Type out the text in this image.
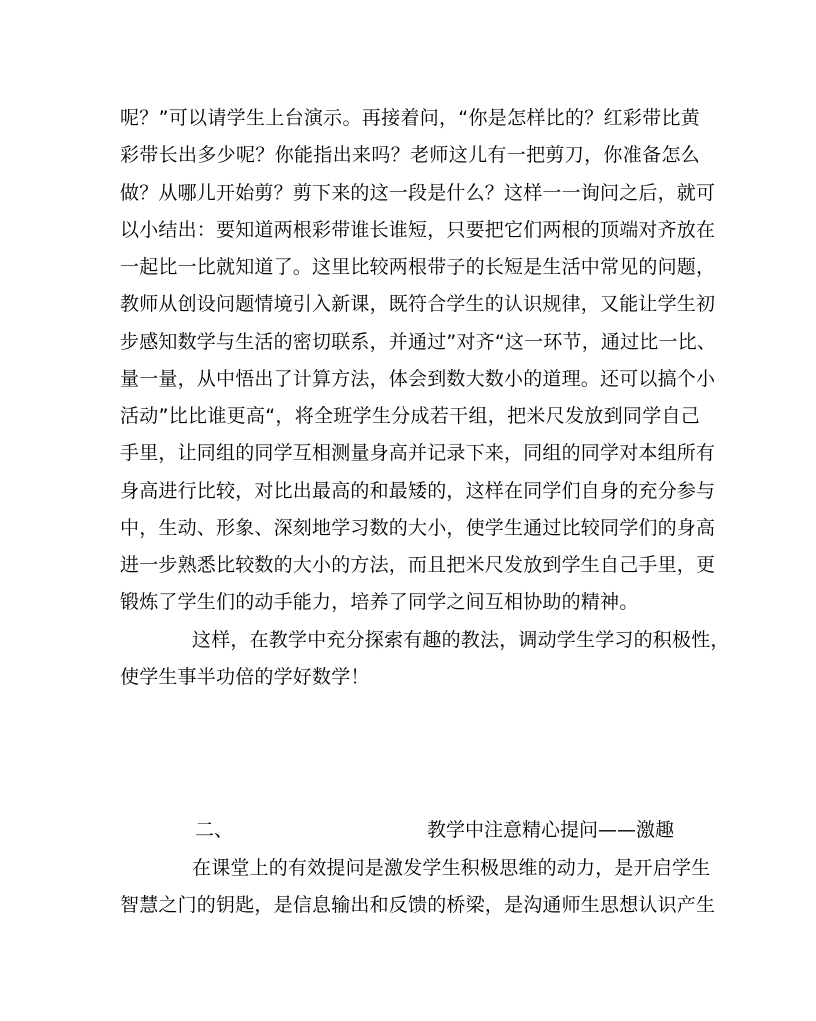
呢？”可以请学生上台演示。再接着问，“你是怎样比的？红彩带比黄
彩带长出多少呢？你能指出来吗？老师这儿有一把剪刀，你准备怎么
做？从哪儿开始剪？剪下来的这一段是什么？这样一一询问之后，就可
以小结出：要知道两根彩带谁长谁短，只要把它们两根的顶端对齐放在
一起比一比就知道了。这里比较两根带子的长短是生活中常见的问题，
教师从创设问题情境引入新课，既符合学生的认识规律，又能让学生初
步感知数学与生活的密切联系，并通过”对齐“这一环节，通过比一比、
量一量，从中悟出了计算方法，体会到数大数小的道理。还可以搞个小
活动”比比谁更高“，将全班学生分成若干组，把米尺发放到同学自己
手里，让同组的同学互相测量身高并记录下来，同组的同学对本组所有
身高进行比较，对比出最高的和最矮的，这样在同学们自身的充分参与
中，生动、形象、深刻地学习数的大小，使学生通过比较同学们的身高
进一步熟悉比较数的大小的方法，而且把米尺发放到学生自己手里，更
锻炼了学生们的动手能力，培养了同学之间互相协助的精神。
这样，在教学中充分探索有趣的教法，调动学生学习的积极性，
使学生事半功倍的学好数学！
二、	教学中注意精心提问——激趣
在课堂上的有效提问是激发学生积极思维的动力，是开启学生
智慧之门的钥匙，是信息输出和反馈的桥梁，是沟通师生思想认识产生
